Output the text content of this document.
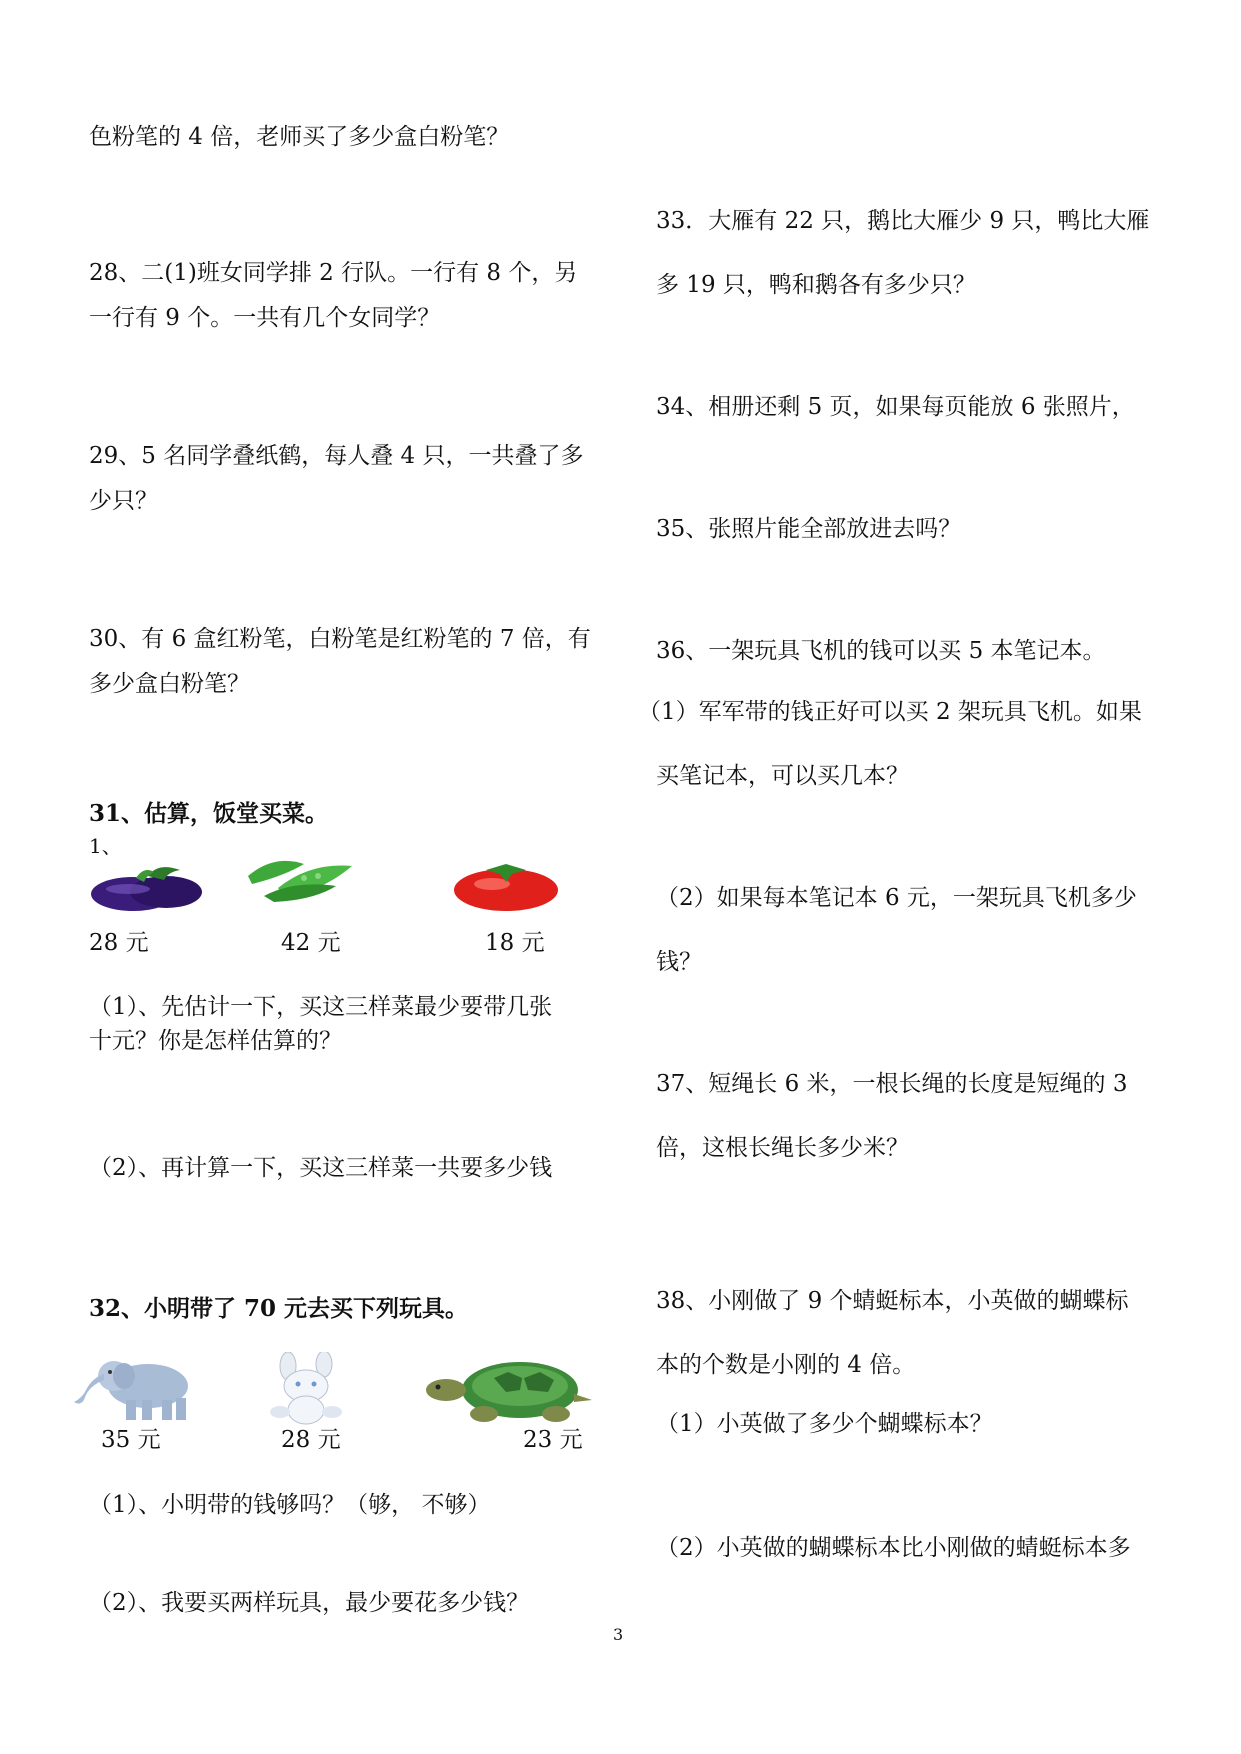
色粉笔的 4 倍，老师买了多少盒白粉笔？
28、二(1)班女同学排 2 行队。一行有 8 个，另
一行有 9 个。一共有几个女同学？
29、5 名同学叠纸鹤，每人叠 4 只，一共叠了多
少只？
30、有 6 盒红粉笔，白粉笔是红粉笔的 7 倍，有
多少盒白粉笔？
31、估算，饭堂买菜。
1、
28 元	42 元	18 元
（1）、先估计一下，买这三样菜最少要带几张
十元？你是怎样估算的？
（2）、再计算一下，买这三样菜一共要多少钱
32、小明带了 70 元去买下列玩具。
35 元	28 元	23 元
（1）、小明带的钱够吗？（够， 不够）
（2）、我要买两样玩具，最少要花多少钱？
33．大雁有 22 只，鹅比大雁少 9 只，鸭比大雁
多 19 只，鸭和鹅各有多少只？
34、相册还剩 5 页，如果每页能放 6 张照片，
35、张照片能全部放进去吗？
36、一架玩具飞机的钱可以买 5 本笔记本。
（1）军军带的钱正好可以买 2 架玩具飞机。如果
买笔记本，可以买几本？
（2）如果每本笔记本 6 元，一架玩具飞机多少
钱？
37、短绳长 6 米，一根长绳的长度是短绳的 3
倍，这根长绳长多少米？
38、小刚做了 9 个蜻蜓标本，小英做的蝴蝶标
本的个数是小刚的 4 倍。
（1）小英做了多少个蝴蝶标本？
（2）小英做的蝴蝶标本比小刚做的蜻蜓标本多
3
